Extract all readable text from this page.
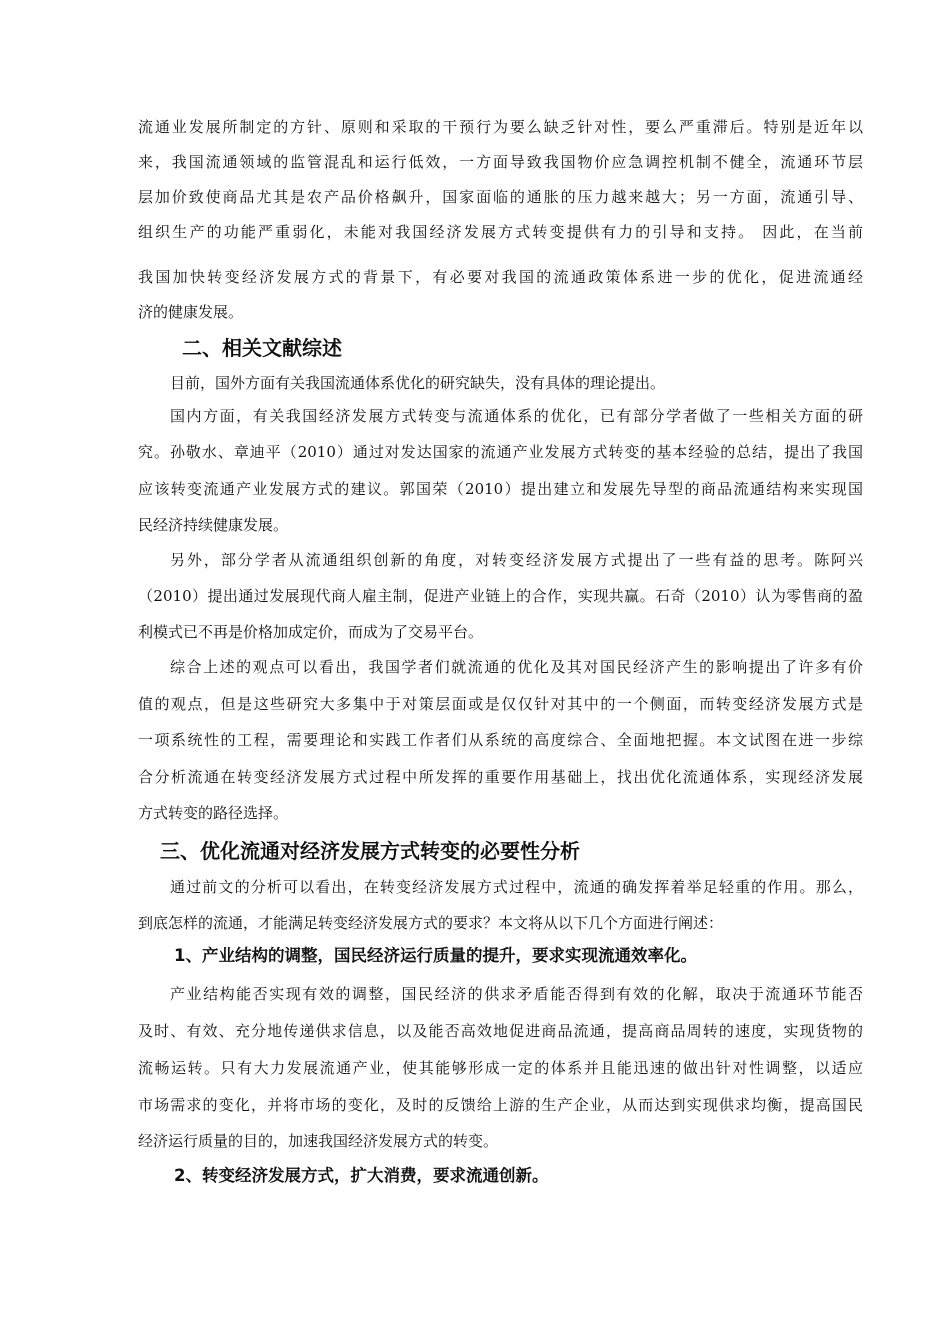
流通业发展所制定的方针、原则和采取的干预行为要么缺乏针对性，要么严重滞后。特别是近年以
来，我国流通领域的监管混乱和运行低效，一方面导致我国物价应急调控机制不健全，流通环节层
层加价致使商品尤其是农产品价格飙升，国家面临的通胀的压力越来越大；另一方面，流通引导、
组织生产的功能严重弱化，未能对我国经济发展方式转变提供有力的引导和支持。 因此，在当前
我国加快转变经济发展方式的背景下，有必要对我国的流通政策体系进一步的优化，促进流通经
济的健康发展。
二、相关文献综述
目前，国外方面有关我国流通体系优化的研究缺失，没有具体的理论提出。
国内方面，有关我国经济发展方式转变与流通体系的优化，已有部分学者做了一些相关方面的研
究。孙敬水、章迪平（2010）通过对发达国家的流通产业发展方式转变的基本经验的总结，提出了我国
应该转变流通产业发展方式的建议。郭国荣（2010）提出建立和发展先导型的商品流通结构来实现国
民经济持续健康发展。
另外，部分学者从流通组织创新的角度，对转变经济发展方式提出了一些有益的思考。陈阿兴
（2010）提出通过发展现代商人雇主制，促进产业链上的合作，实现共赢。石奇（2010）认为零售商的盈
利模式已不再是价格加成定价，而成为了交易平台。
综合上述的观点可以看出，我国学者们就流通的优化及其对国民经济产生的影响提出了许多有价
值的观点，但是这些研究大多集中于对策层面或是仅仅针对其中的一个侧面，而转变经济发展方式是
一项系统性的工程，需要理论和实践工作者们从系统的高度综合、全面地把握。本文试图在进一步综
合分析流通在转变经济发展方式过程中所发挥的重要作用基础上，找出优化流通体系，实现经济发展
方式转变的路径选择。
三、优化流通对经济发展方式转变的必要性分析
通过前文的分析可以看出，在转变经济发展方式过程中，流通的确发挥着举足轻重的作用。那么，
到底怎样的流通，才能满足转变经济发展方式的要求？本文将从以下几个方面进行阐述：
1、产业结构的调整，国民经济运行质量的提升，要求实现流通效率化。
产业结构能否实现有效的调整，国民经济的供求矛盾能否得到有效的化解，取决于流通环节能否
及时、有效、充分地传递供求信息，以及能否高效地促进商品流通，提高商品周转的速度，实现货物的
流畅运转。只有大力发展流通产业，使其能够形成一定的体系并且能迅速的做出针对性调整，以适应
市场需求的变化，并将市场的变化，及时的反馈给上游的生产企业，从而达到实现供求均衡，提高国民
经济运行质量的目的，加速我国经济发展方式的转变。
2、转变经济发展方式，扩大消费，要求流通创新。
